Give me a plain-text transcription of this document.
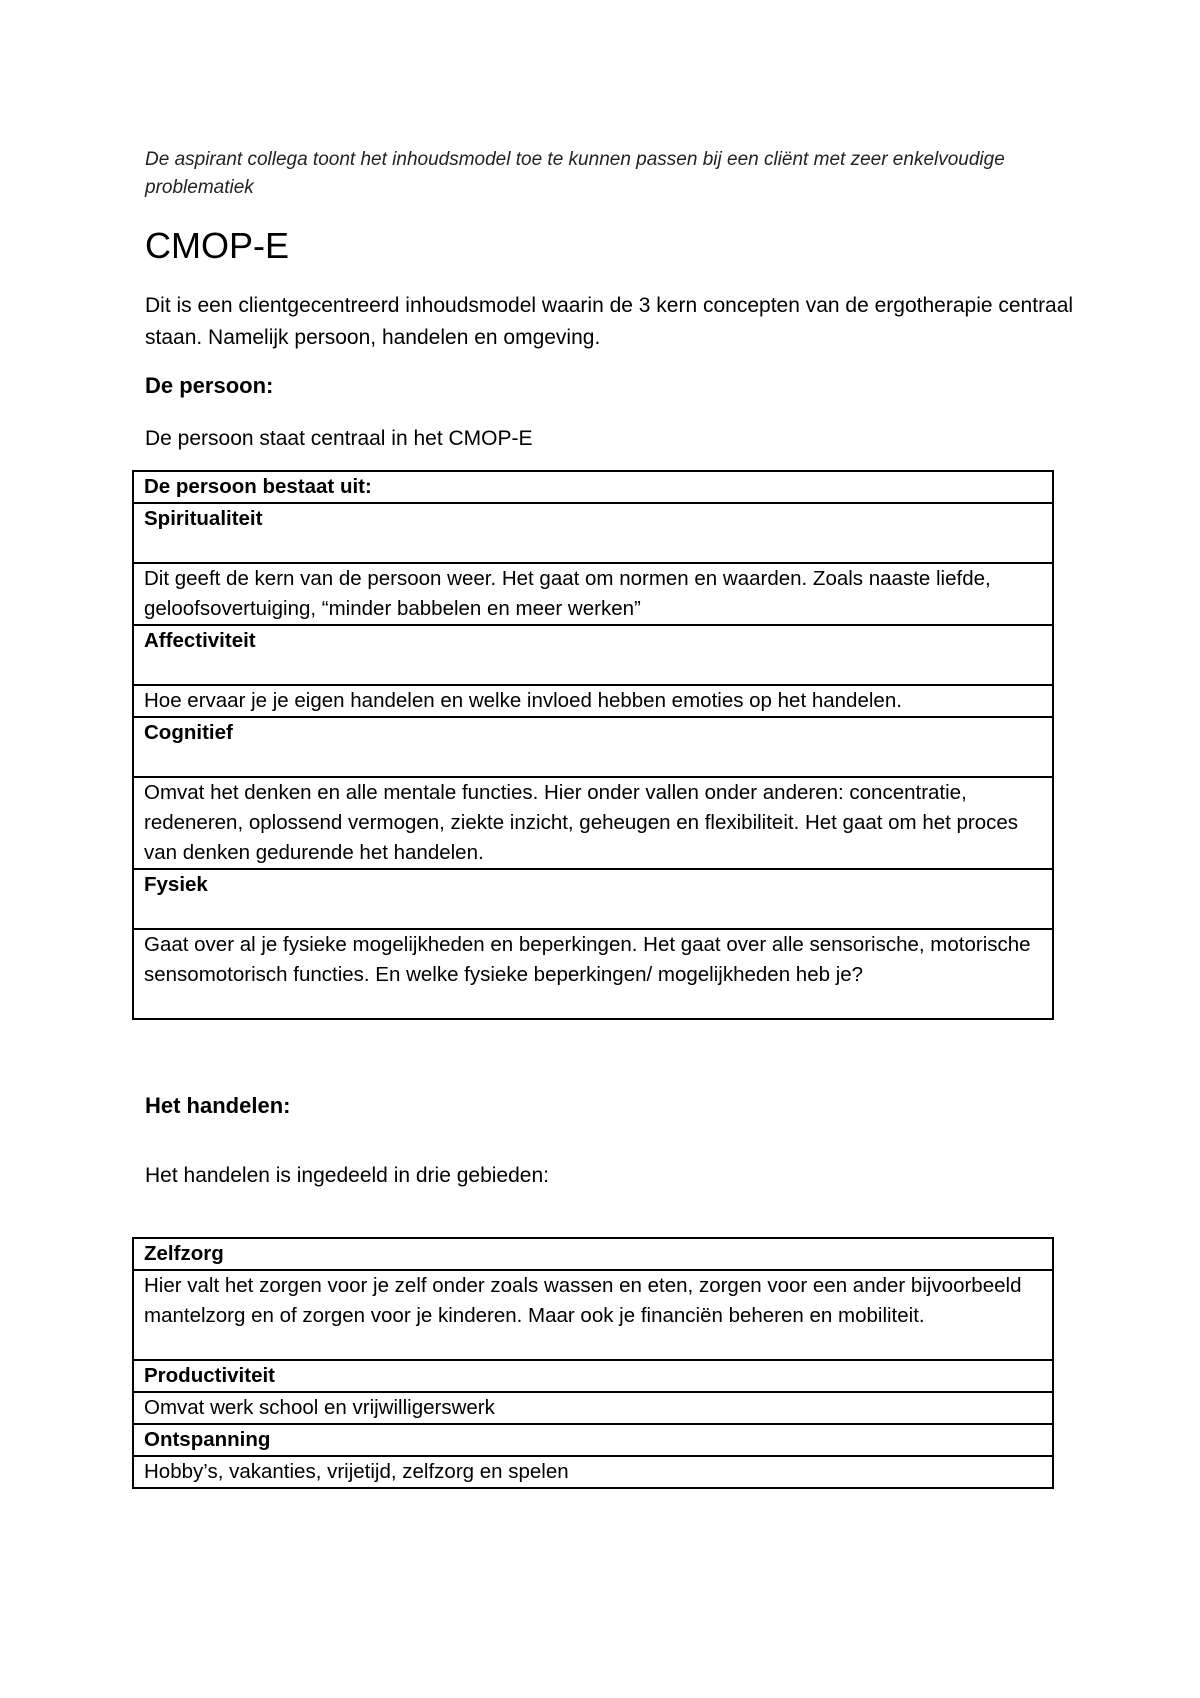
De aspirant collega toont het inhoudsmodel toe te kunnen passen bij een cliënt met zeer enkelvoudige problematiek
CMOP-E
Dit is een clientgecentreerd inhoudsmodel waarin de 3 kern concepten van de ergotherapie centraal staan. Namelijk persoon, handelen en omgeving.
De persoon:
De persoon staat centraal in het CMOP-E
De persoon bestaat uit:
Spiritualiteit
Dit geeft de kern van de persoon weer. Het gaat om normen en waarden. Zoals naaste liefde, geloofsovertuiging, “minder babbelen en meer werken”
Affectiviteit
Hoe ervaar je je eigen handelen en welke invloed hebben emoties op het handelen.
Cognitief
Omvat het denken en alle mentale functies. Hier onder vallen onder anderen: concentratie, redeneren, oplossend vermogen, ziekte inzicht, geheugen en flexibiliteit. Het gaat om het proces van denken gedurende het handelen.
Fysiek
Gaat over al je fysieke mogelijkheden en beperkingen. Het gaat over alle sensorische, motorische sensomotorisch functies. En welke fysieke beperkingen/ mogelijkheden heb je?
Het handelen:
Het handelen is ingedeeld in drie gebieden:
Zelfzorg
Hier valt het zorgen voor je zelf onder zoals wassen en eten, zorgen voor een ander bijvoorbeeld mantelzorg en of zorgen voor je kinderen. Maar ook je financiën beheren en mobiliteit.
Productiviteit
Omvat werk school en vrijwilligerswerk
Ontspanning
Hobby’s, vakanties, vrijetijd, zelfzorg en spelen
